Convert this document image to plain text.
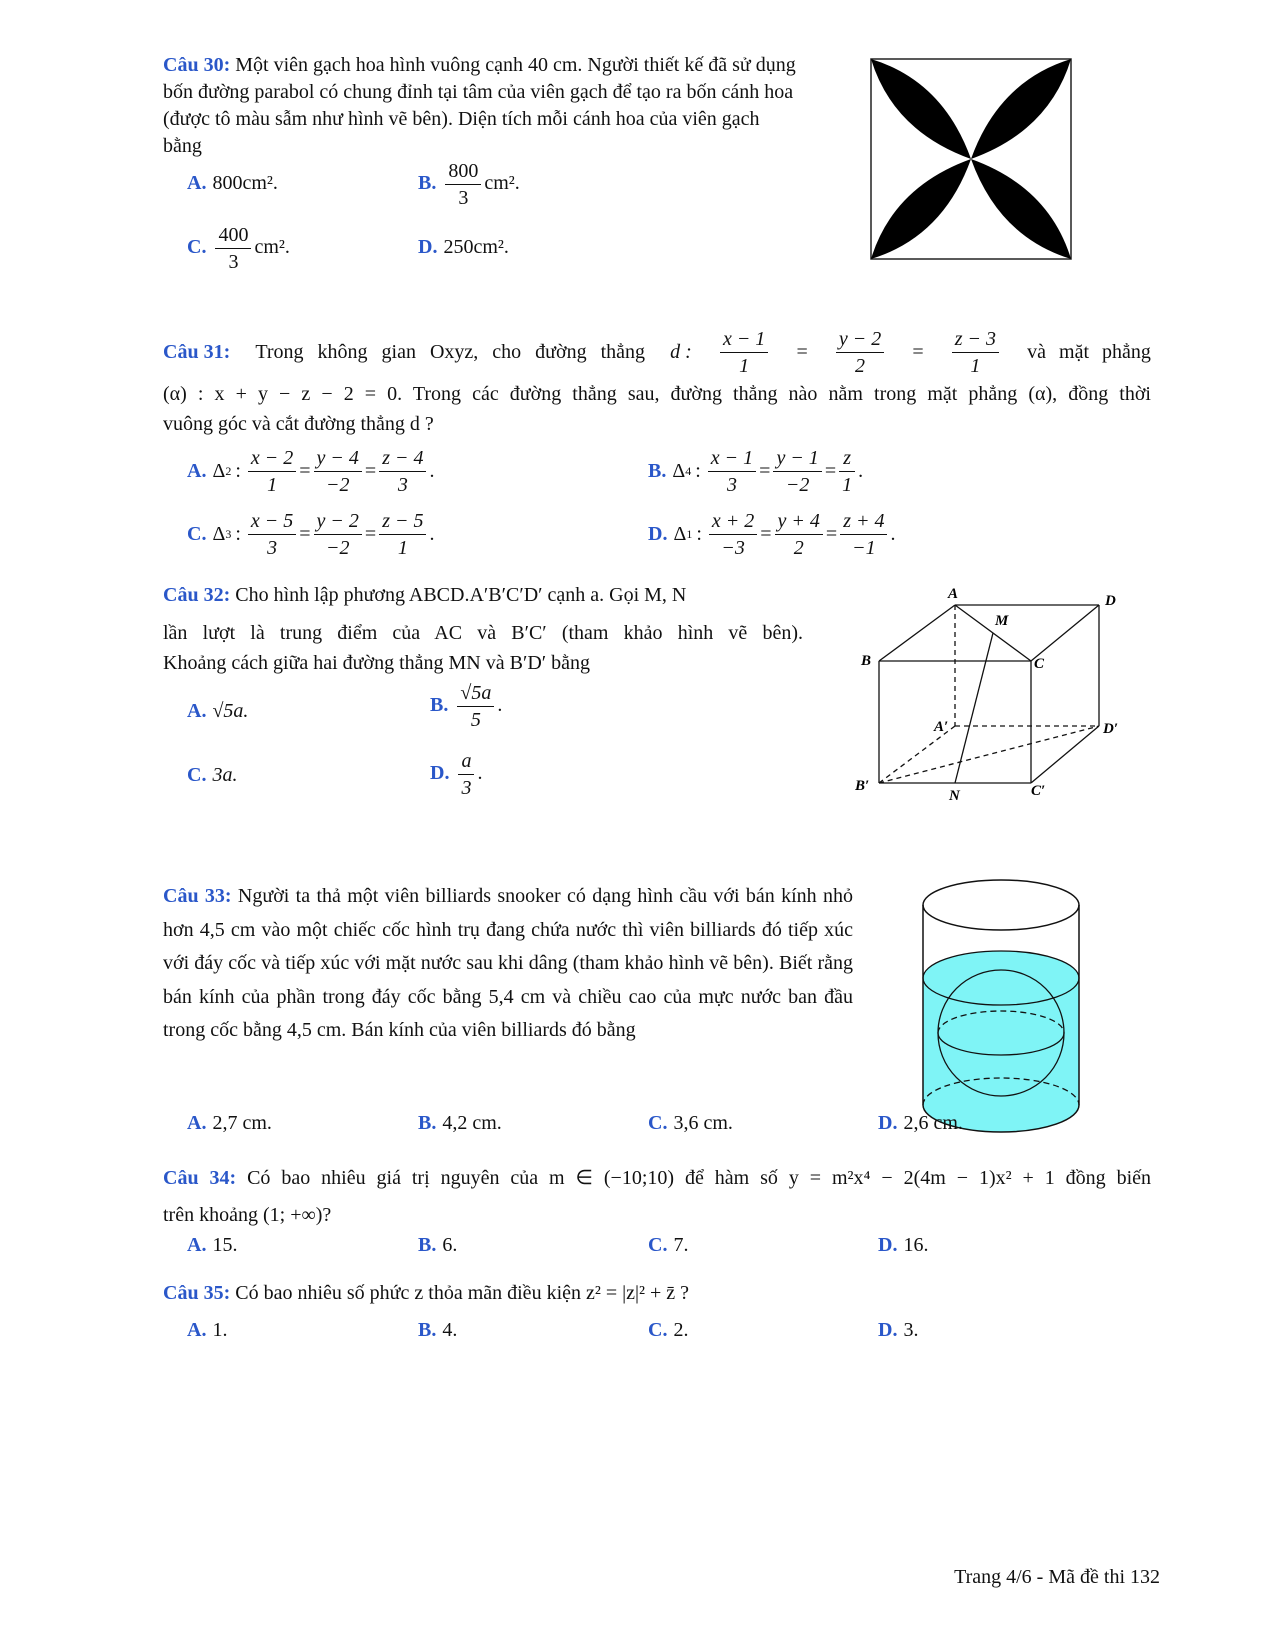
Câu 30: Một viên gạch hoa hình vuông cạnh 40 cm. Người thiết kế đã sử dụng bốn đường parabol có chung đỉnh tại tâm của viên gạch để tạo ra bốn cánh hoa (được tô màu sẫm như hình vẽ bên). Diện tích mỗi cánh hoa của viên gạch bằng
A. 800cm².	B. $\frac{800}{3} cm^2$.
C. $\frac{400}{3} cm^2$.	D. 250cm².
Câu 31: Trong không gian Oxyz, cho đường thẳng d : $\frac{x - 1}{1} = \frac{y - 2}{2} = \frac{z - 3}{1}$ và mặt phẳng
(α) : x + y − z − 2 = 0. Trong các đường thẳng sau, đường thẳng nào nằm trong mặt phẳng (α), đồng thời
vuông góc và cắt đường thẳng d ?
A. Δ 2 : $\frac{x - 2}{1} = \frac{y - 4}{-2} = \frac{z - 4}{3}$ .	B. Δ 4 : $\frac{x - 1}{3} = \frac{y - 1}{-2} = \frac{z}{1}$ .
C. Δ 3 : $\frac{x - 5}{3} = \frac{y - 2}{-2} = \frac{z - 5}{1}$ .	D. Δ 1 : $\frac{x + 2}{-3} = \frac{y + 4}{2} = \frac{z + 4}{-1}$ .
Câu 32: Cho hình lập phương ABCD.A′B′C′D′ cạnh a. Gọi M, N
lần lượt là trung điểm của AC và B′C′ (tham khảo hình vẽ bên).
Khoảng cách giữa hai đường thẳng MN và B′D′ bằng
A. √5a.	B. $\frac{√5a}{5}$ .
C. 3a.	D. $\frac{a}{3}$ .
A	D
M
B	C
A′	D′
B′
N	C′
Câu 33: Người ta thả một viên billiards snooker có dạng hình cầu với bán kính nhỏ hơn 4,5 cm vào một chiếc cốc hình trụ đang chứa nước thì viên billiards đó tiếp xúc với đáy cốc và tiếp xúc với mặt nước sau khi dâng (tham khảo hình vẽ bên). Biết rằng bán kính của phần trong đáy cốc bằng 5,4 cm và chiều cao của mực nước ban đầu trong cốc bằng 4,5 cm. Bán kính của viên billiards đó bằng
A. 2,7 cm.	B. 4,2 cm.	C. 3,6 cm.	D. 2,6 cm.
Câu 34: Có bao nhiêu giá trị nguyên của m ∈ (−10;10) để hàm số y = m²x⁴ − 2(4m − 1)x² + 1 đồng biến
trên khoảng (1; +∞)?
A. 15.	B. 6.	C. 7.	D. 16.
Câu 35: Có bao nhiêu số phức z thỏa mãn điều kiện z² = |z|² + z̄ ?
A. 1.	B. 4.	C. 2.	D. 3.
Trang 4/6 - Mã đề thi 132
